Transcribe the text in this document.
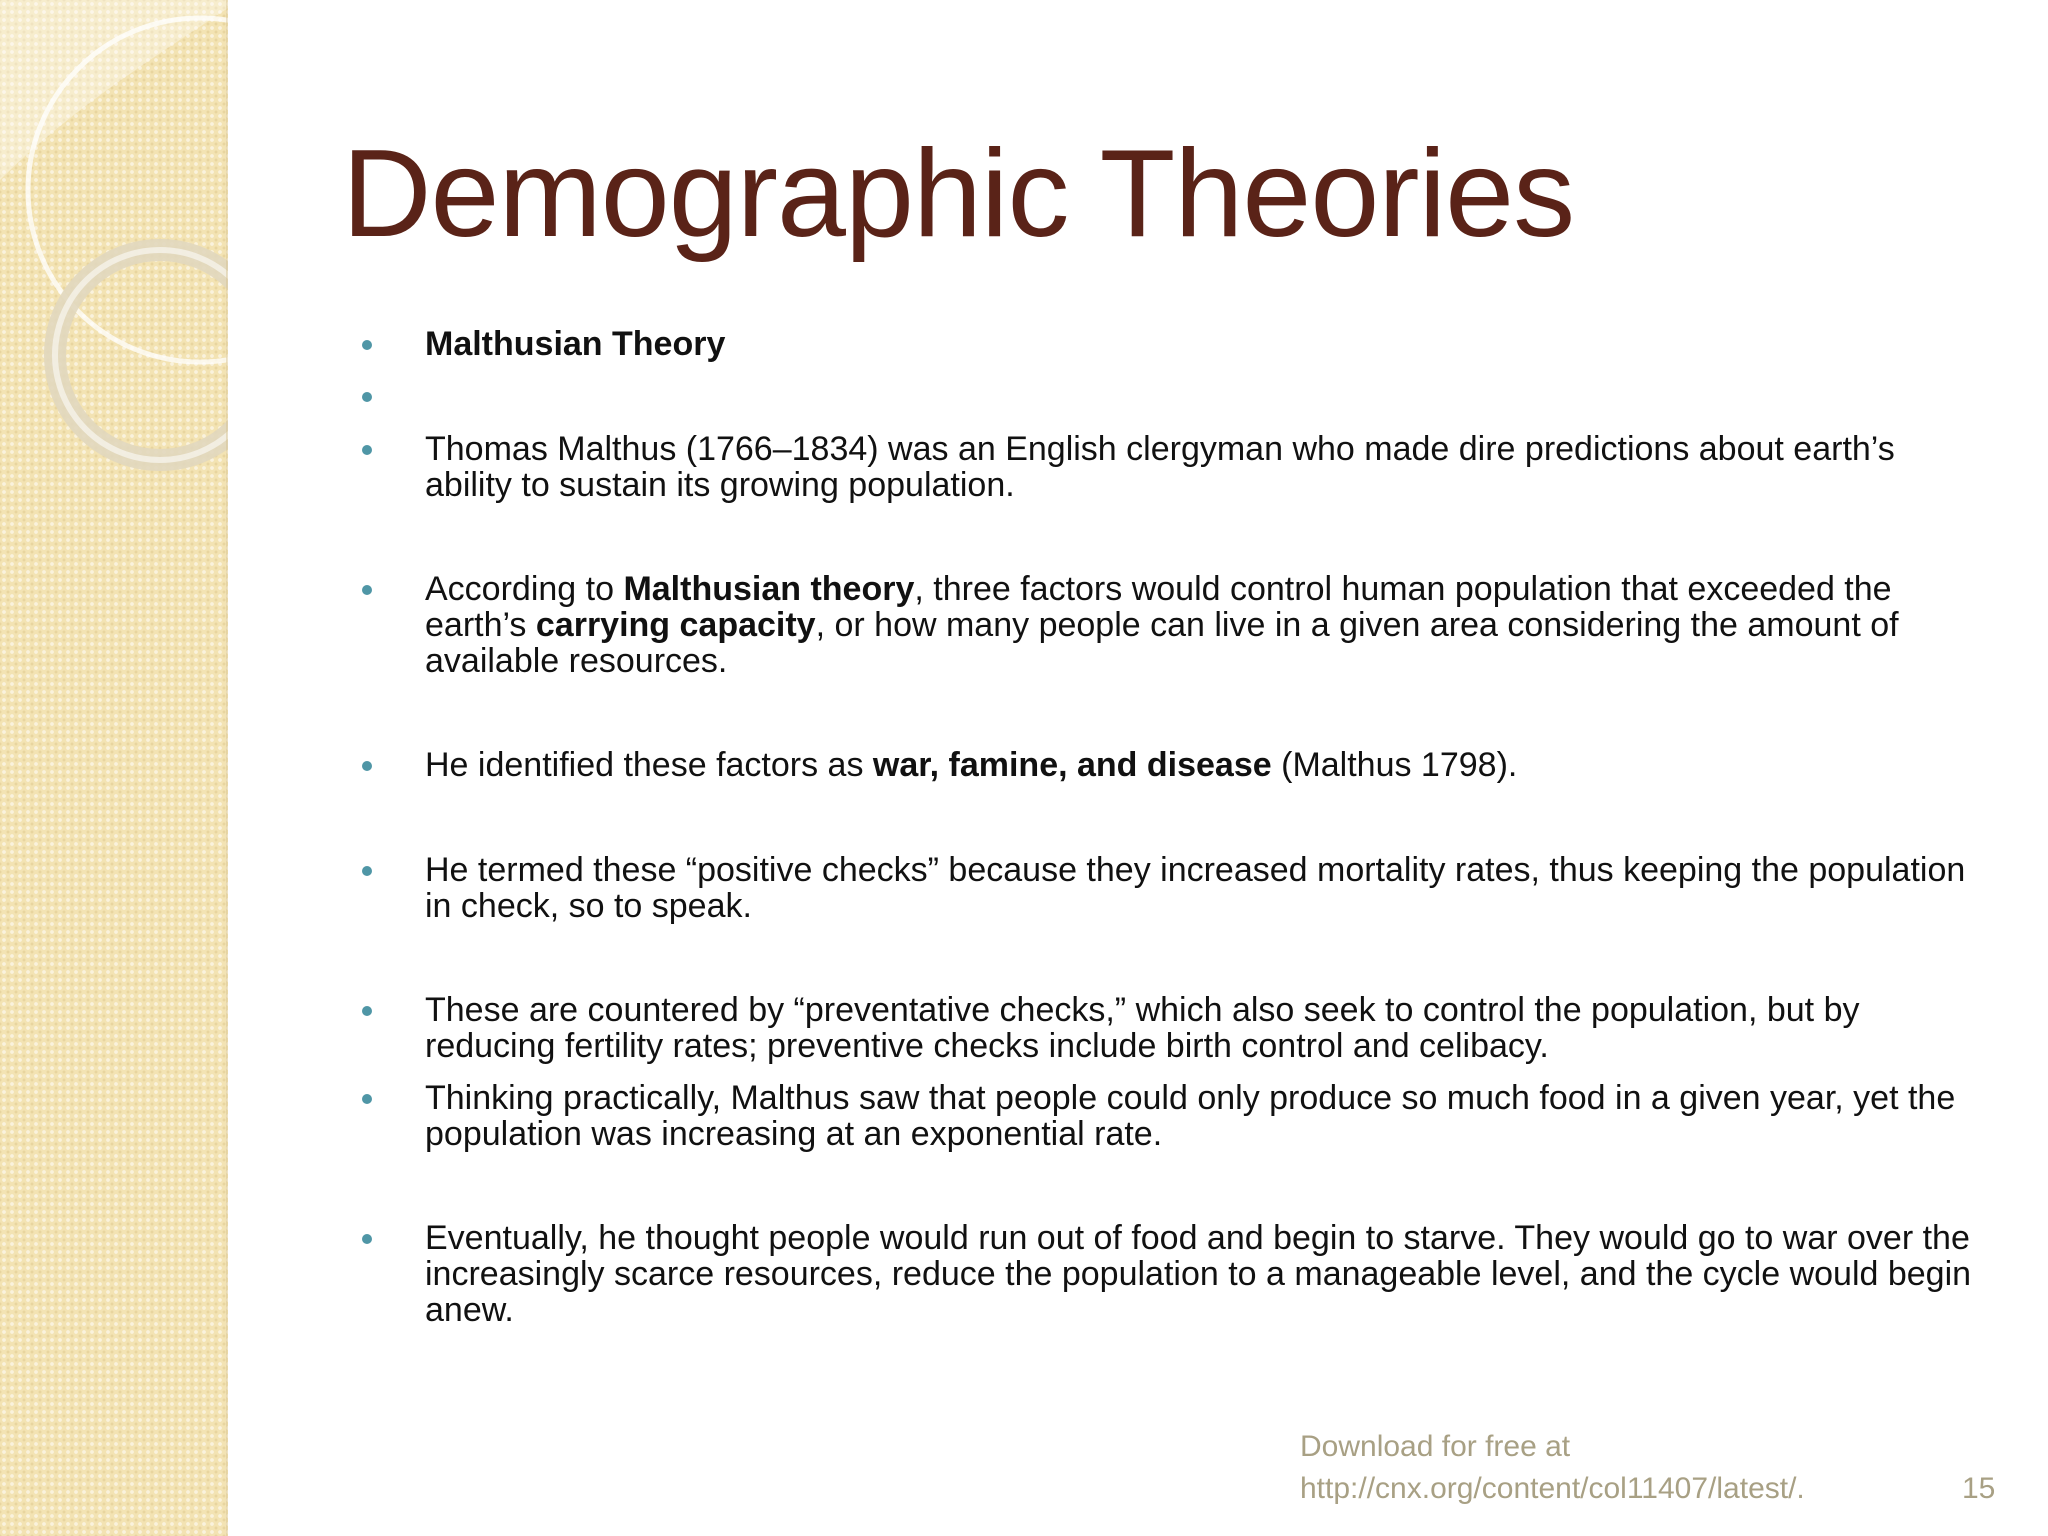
Demographic Theories
Malthusian Theory
Thomas Malthus (1766–1834) was an English clergyman who made dire predictions about earth’s ability to sustain its growing population.
According to Malthusian theory, three factors would control human population that exceeded the earth’s carrying capacity, or how many people can live in a given area considering the amount of available resources.
He identified these factors as war, famine, and disease (Malthus 1798).
He termed these “positive checks” because they increased mortality rates, thus keeping the population in check, so to speak.
These are countered by “preventative checks,” which also seek to control the population, but by reducing fertility rates; preventive checks include birth control and celibacy.
Thinking practically, Malthus saw that people could only produce so much food in a given year, yet the population was increasing at an exponential rate.
Eventually, he thought people would run out of food and begin to starve. They would go to war over the increasingly scarce resources, reduce the population to a manageable level, and the cycle would begin anew.
Download for free at
http://cnx.org/content/col11407/latest/.	15
